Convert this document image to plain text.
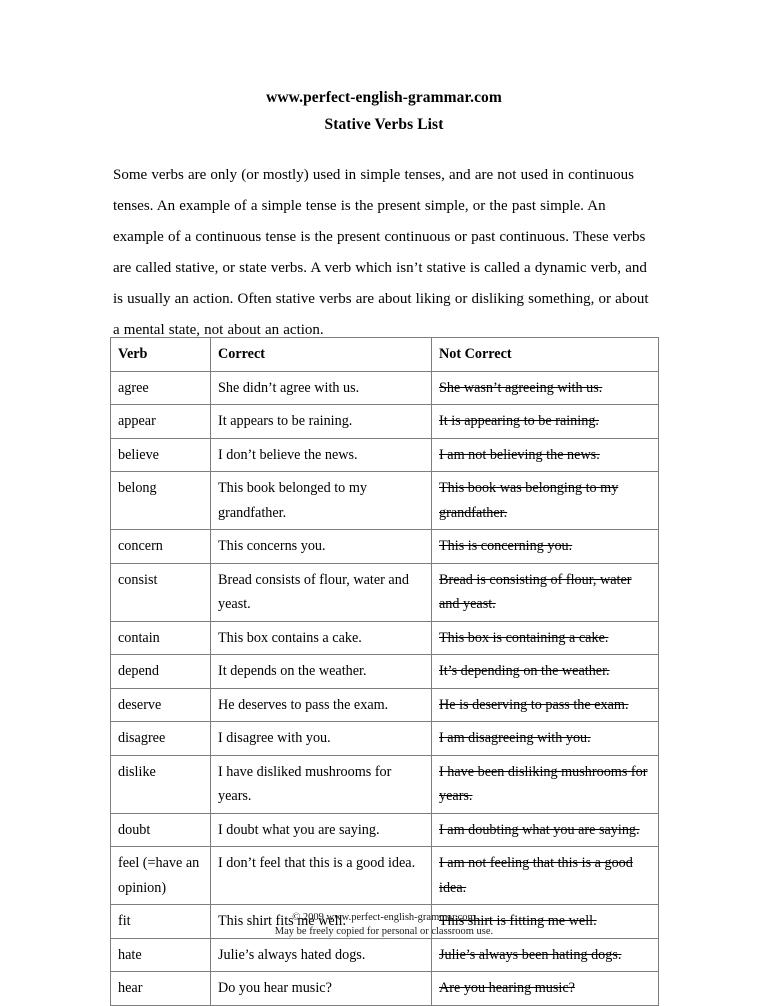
www.perfect-english-grammar.com
Stative Verbs List

Some verbs are only (or mostly) used in simple tenses, and are not used in continuous tenses. An example of a simple tense is the present simple, or the past simple. An example of a continuous tense is the present continuous or past continuous. These verbs are called stative, or state verbs. A verb which isn’t stative is called a dynamic verb, and is usually an action. Often stative verbs are about liking or disliking something, or about a mental state, not about an action.

Verb	Correct	Not Correct
agree	She didn’t agree with us.	She wasn’t agreeing with us.
appear	It appears to be raining.	It is appearing to be raining.
believe	I don’t believe the news.	I am not believing the news.
belong	This book belonged to my grandfather.	This book was belonging to my grandfather.
concern	This concerns you.	This is concerning you.
consist	Bread consists of flour, water and yeast.	Bread is consisting of flour, water and yeast.
contain	This box contains a cake.	This box is containing a cake.
depend	It depends on the weather.	It’s depending on the weather.
deserve	He deserves to pass the exam.	He is deserving to pass the exam.
disagree	I disagree with you.	I am disagreeing with you.
dislike	I have disliked mushrooms for years.	I have been disliking mushrooms for years.
doubt	I doubt what you are saying.	I am doubting what you are saying.
feel (=have an opinion)	I don’t feel that this is a good idea.	I am not feeling that this is a good idea.
fit	This shirt fits me well.	This shirt is fitting me well.
hate	Julie’s always hated dogs.	Julie’s always been hating dogs.
hear	Do you hear music?	Are you hearing music?
© 2009 www.perfect-english-grammar.com
May be freely copied for personal or classroom use.
